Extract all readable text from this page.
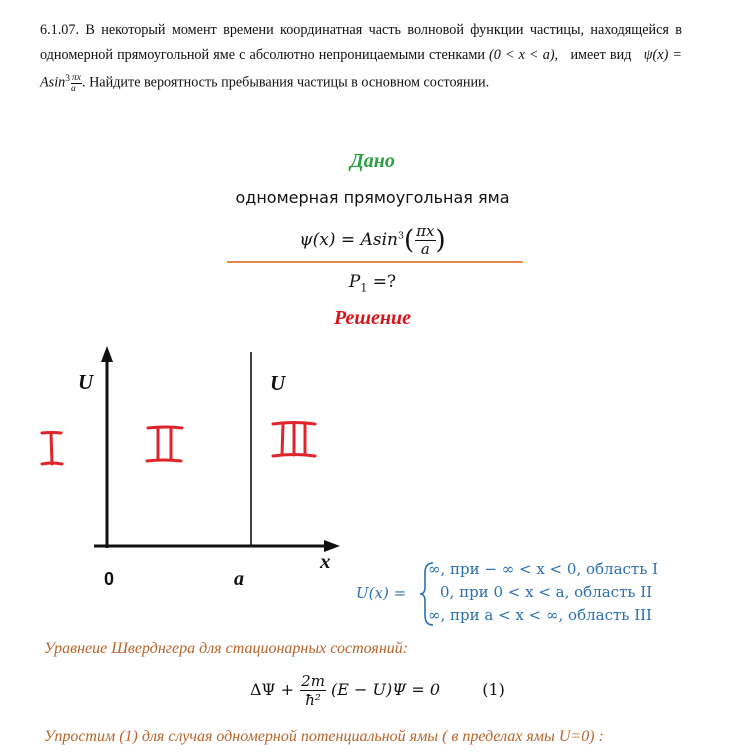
6.1.07. В некоторый момент времени координатная часть волновой функции частицы, находящейся в одномерной прямоугольной яме с абсолютно непроницаемыми стенками (0 < x < a), имеет вид $\psi(x) = Asin^3 \frac{\pi x}{a}$ . Найдите вероятность пребывания частицы в основном состоянии.
Дано
одномерная прямоугольная яма
$\psi(x) = Asin^3( \frac{\pi x}{a}$ )
$P_1$ =?
Решение
U	U
x
0	a
U(x) =
∞, при − ∞ < x < 0, область I
0, при 0 < x < a, область II
∞, при a < x < ∞, область III
Уравнеие Шверднгера для стационарных состояний:
$\Delta\Psi + \frac{2m}{\text{ħ²}} (E - U)\Psi = 0$	(1)
Упростим (1) для случая одномерной потенциальной ямы ( в пределах ямы U=0) :
